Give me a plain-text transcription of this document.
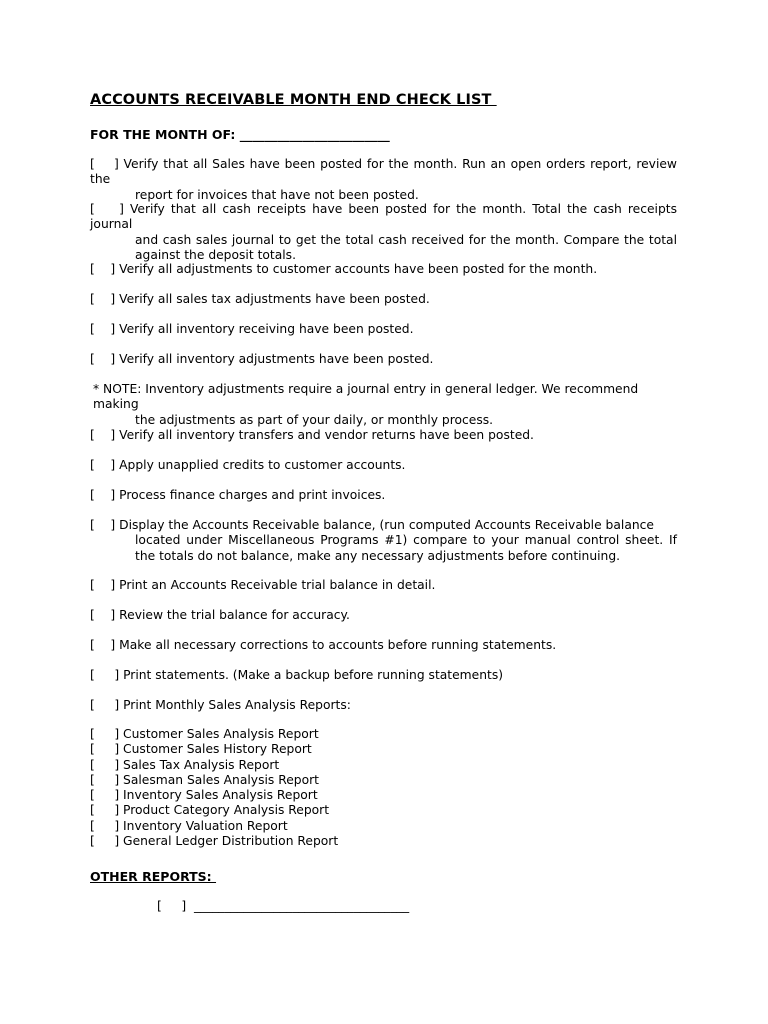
ACCOUNTS RECEIVABLE MONTH END CHECK LIST
FOR THE MONTH OF: ________________________
[    ] Verify that all Sales have been posted for the month. Run an open orders report, review the
report for invoices that have not been posted.
[    ] Verify that all cash receipts have been posted for the month. Total the cash receipts journal
and cash sales journal to get the total cash received for the month. Compare the total against the deposit totals.
[    ] Verify all adjustments to customer accounts have been posted for the month.
[    ] Verify all sales tax adjustments have been posted.
[    ] Verify all inventory receiving have been posted.
[    ] Verify all inventory adjustments have been posted.
* NOTE: Inventory adjustments require a journal entry in general ledger. We recommend making
the adjustments as part of your daily, or monthly process.
[    ] Verify all inventory transfers and vendor returns have been posted.
[    ] Apply unapplied credits to customer accounts.
[    ] Process finance charges and print invoices.
[    ] Display the Accounts Receivable balance, (run computed Accounts Receivable balance
located under Miscellaneous Programs #1) compare to your manual control sheet. If the totals do not balance, make any necessary adjustments before continuing.
[    ] Print an Accounts Receivable trial balance in detail.
[    ] Review the trial balance for accuracy.
[    ] Make all necessary corrections to accounts before running statements.
[     ] Print statements. (Make a backup before running statements)
[     ] Print Monthly Sales Analysis Reports:
[     ] Customer Sales Analysis Report
[     ] Customer Sales History Report
[     ] Sales Tax Analysis Report
[     ] Salesman Sales Analysis Report
[     ] Inventory Sales Analysis Report
[     ] Product Category Analysis Report
[     ] Inventory Valuation Report
[     ] General Ledger Distribution Report
OTHER REPORTS:
[     ]  ___________________________________
